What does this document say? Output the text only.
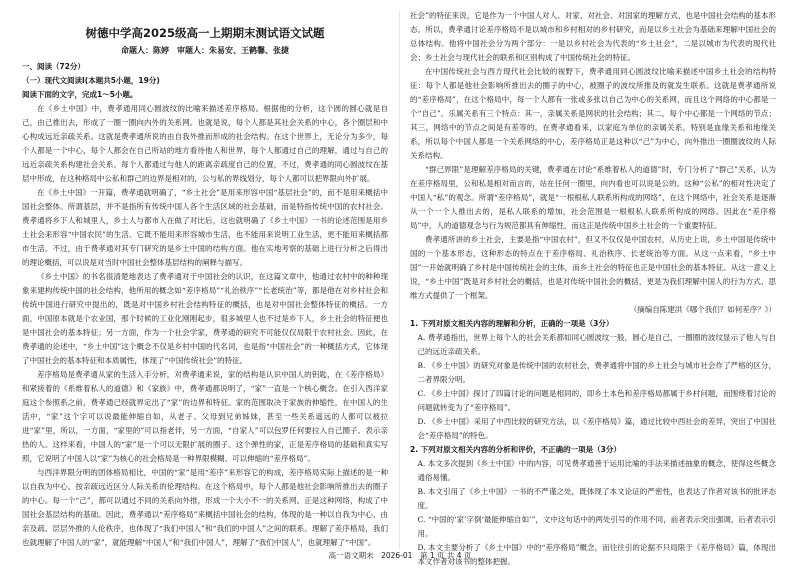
树德中学高2025级高一上期期末测试语文试题
命题人：陈婷　审题人：朱易安、王鹤馨、张捷

一、阅读（72分）

（一）现代文阅读Ⅰ(本题共5小题，19分)

阅读下面的文字，完成1～5小题。

在《乡土中国》中，费孝通用同心圆波纹的比喻来描述差序格局。根据他的分析，这个圆的圆心就是自己，由己推出去，形成了一圈一圈向内外的关系网。也就是说，每个人都是其社会关系的中心，各个圈层和中心构成远近亲疏关系。这就是费孝通所说的由自我外推而形成的社会结构。在这个世界上，无论分为多少，每个人都是一个中心，每个人都会在自己所站的地方看待他人和世界，每个人都通过自己的理解，通过与自己的远近亲疏关系构建社会关系。每个人都通过与他人的距离亲疏度自己的位置，不过，费孝通的同心圆波纹在基层中形成，在这种格局中公私和群己的边界是相对的，公与私的界线划分，每个人都可以把界限向外扩展。

在《乡土中国》一开篇，费孝通就明确了，“乡土社会”是用来形容中国“基层社会”的，而不是用来概括中国社会整体。所谓基层，并不是指所有传统中国人各个生活区域的社会基础，而是特指传统中国的农村社会。费孝通将乡下人和城里人，乡土人与都市人在做了对比后，这也就明确了《乡土中国》一书的论述范围是用乡土社会来形容“中国农民”的生活。它既不能用来形容城市生活，也不能用来说明工业生活，更不能用来概括都市生活。不过，由于费孝通对其专门研究的是乡土中国的结构方面。他在实地考察的基础上进行分析之后得出的理论概括，可以说是对当时中国社会整体基层结构的阐释与描写。

《乡土中国》的书名很清楚地表达了费孝通对于中国社会的认识，在这篇文章中，他通过农村中的种种现象来建构传统中国的社会结构，他所用的概念如“差序格局”“礼治秩序”“长老统治”等，都是他在对乡村社会和传统中国进行研究中提出的，既是对中国乡村社会结构特征的概括，也是对中国社会整体特征的概括。一方面，中国原本就是个农业国，那个时候的工业化刚刚起步，很多城里人也不过是乡下人，乡土社会的特征便也是中国社会的基本特征；另一方面，作为一个社会学家，费孝通的研究不可能仅仅局限于农村社会。因此，在费孝通的论述中，“乡土中国”这个概念不仅是乡村中国的代名词，也是指“中国社会”的一种概括方式，它体现了中国社会的基本特征和本质属性，体现了“中国传统社会”的特征。

差序格局是费孝通从家的生活入手分析，对费孝通来说，家的结构是认识中国人的钥匙，在《差序格局》和紧接着的《系维着私人的道德》和《家族》中，费孝通都说明了，“家”一直是一个核心概念。在引入西洋家庭这个参照系之前，费孝通已经就界定出了“家”的边界和特征。家的范围取决于家族的伸缩性，在中国人的生活中，“家”这个字可以说最能伸缩自如，从老子、父母到兄弟姊妹，甚至一些关系遥远的人都可以被拉进“家”里，所以，一方面，“家里的”可以指老伴，另一方面，“自家人”可以包罗任何要拉入自己圈子、表示亲热的人。这样来看，中国人的“家”是一个可以无限扩展的圈子。这个弹性的家，正是差序格局的基础和真实写照，它说明了中国人以“家”为核心的社会格局是一种界限模糊、可以伸缩的“差序格局”。

与西洋界限分明的团体格局相比，中国的“家”是用“差序”来形容它的构成，差序格局实际上描述的是一种以自我为中心、按亲疏远近区分人际关系的伦理结构。在这个格局中，每个人都是他社会影响所推出去的圈子的中心。每一个“己”，都可以通过不同的关系向外推，形成一个大小不一的关系网。正是这种网络，构成了中国社会基层结构的基础。因此，费孝通以“差序格局”来概括中国社会的结构，体现的是一种以自我为中心、由亲及疏、层层外推的人伦秩序，也体现了“我们中国人”和“我们的中国人”之间的联系。理解了差序格局，我们也就理解了中国人的“家”，就能理解“中国人”和“我们中国人”，理解了“我们中国人”，也就理解了“中国”。

社会”的特征来说，它是作为一个中国人对人、对家、对社会、对国家的理解方式，也是中国社会结构的基本形态。所以，费孝通讨论差序格局不是以城市和乡村相对的乡村研究，而是以乡土社会为基础来理解中国社会的总体结构。他将中国社会分为两个部分：一是以乡村社会为代表的“乡土社会”，二是以城市为代表的现代社会；乡土社会与现代社会的联系和区别构成了中国传统社会的特征。

在中国传统社会与西方现代社会比较的视野下，费孝通用同心圆波纹比喻来描述中国乡土社会的结构特征：每个人都是他社会影响所推出去的圈子的中心，被圈子的波纹所推及的就发生联系。这就是费孝通所说的“差序格局”，在这个格局中，每一个人都有一张或多张以自己为中心的关系网，而且这个网络的中心都是一个“自己”。乐属关系有三个特点：其一，亲属关系是网状的社会结构；其二，每个中心都是一个网络的节点；其三，网络中的节点之间是有差等的。在费孝通看来，以家庭为单位的亲属关系，特别是血缘关系和地缘关系，所以每个中国人都是一个关系网络的中心，差序格局正是这种以“己”为中心，向外推出一圈圈波纹的人际关系结构。

“群己界限”是理解差序格局的关键，费孝通在讨论“系维着私人的道德”时，专门分析了“群己”关系，认为在差序格局里，公和私是相对而言的，站在任何一圈里，向内看也可以说是公的。这种“公私”的相对性决定了中国人“私”的观念。所谓“差序格局”，就是“一根根私人联系所构成的网络”，在这个网络中，社会关系是逐渐从一个一个人推出去的，是私人联系的增加，社会范围是一根根私人联系所构成的网络。因此在“差序格局”中，人的道德观念与行为规范都具有伸缩性，而这正是传统中国乡土社会的一个重要特征。

费孝通所讲的乡土社会，主要是指“中国农村”，但又不仅仅是中国农村，从历史上说，乡土中国是传统中国的一个基本形态，这种形态的特点在于差序格局、礼治秩序、长老统治等方面。从这一点来看，“乡土中国”一开始就明确了乡村是中国传统社会的主体，而乡土社会的特征也正是中国社会的基本特征。从这一意义上说，“乡土中国”既是对乡村社会的概括，也是对传统中国社会的概括，更是为我们理解中国人的行为方式、思维方式提供了一个框架。

（摘编自陈建洪《哪个我们？如何差序？》）

1. 下列对原文相关内容的理解和分析，正确的一项是（3分）

A. 费孝通指出，世界上每个人的社会关系都如同心圆波纹一般，圆心是自己，一圈圈的波纹显示了他人与自己的远近亲疏关系。

B. 《乡土中国》的研究对象是传统中国的农村社会，费孝通将中国的乡土社会与城市社会作了严格的区分，二者界限分明。

C. 《乡土中国》探讨了四篇讨论的问题是相同的，即乡土本色和差序格局都属于乡村问题，而围绕着讨论的问题就转变为了“差序格局”。

D. 《乡土中国》采用了中西比较的研究方法，以《差序格局》篇，通过比较中西社会的差异，突出了中国社会“差序格局”的特色。

2. 下列对原文相关内容的分析和评价，不正确的一项是（3分）

A. 本文多次提到《乡土中国》中的内容，可见费孝通善于运用比喻的手法来描述抽象的概念，使得这些概念通俗易懂。

B. 本文引用了《乡土中国》一书的不严谨之处，既体现了本文论证的严密性，也表达了作者对该书的批评态度。

C. “中国的‘家’字倒‘最能伸缩自如’”，文中这句话中的两处引号的作用不同，前者表示突出强调，后者表示引用。

D. 本文主要分析了《乡土中国》中的“差序格局”概念，而往往引的论据不只局限于《差序格局》篇，体现出本文作者对该书的整体把握。

高一语文期末　2026-01　第 1 页 共 4 页
